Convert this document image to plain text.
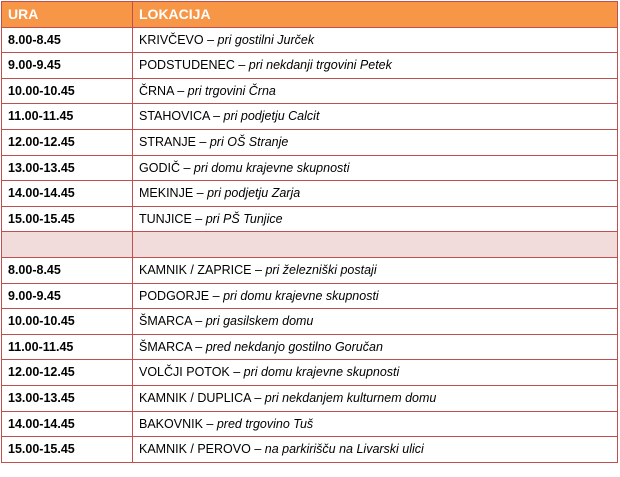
URA	LOKACIJA
8.00-8.45	KRIVČEVO – pri gostilni Jurček
9.00-9.45	PODSTUDENEC – pri nekdanji trgovini Petek
10.00-10.45	ČRNA – pri trgovini Črna
11.00-11.45	STAHOVICA – pri podjetju Calcit
12.00-12.45	STRANJE – pri OŠ Stranje
13.00-13.45	GODIČ – pri domu krajevne skupnosti
14.00-14.45	MEKINJE – pri podjetju Zarja
15.00-15.45	TUNJICE – pri PŠ Tunjice

8.00-8.45	KAMNIK / ZAPRICE – pri železniški postaji
9.00-9.45	PODGORJE – pri domu krajevne skupnosti
10.00-10.45	ŠMARCA – pri gasilskem domu
11.00-11.45	ŠMARCA – pred nekdanjo gostilno Goručan
12.00-12.45	VOLČJI POTOK – pri domu krajevne skupnosti
13.00-13.45	KAMNIK / DUPLICA – pri nekdanjem kulturnem domu
14.00-14.45	BAKOVNIK – pred trgovino Tuš
15.00-15.45	KAMNIK / PEROVO – na parkirišču na Livarski ulici
